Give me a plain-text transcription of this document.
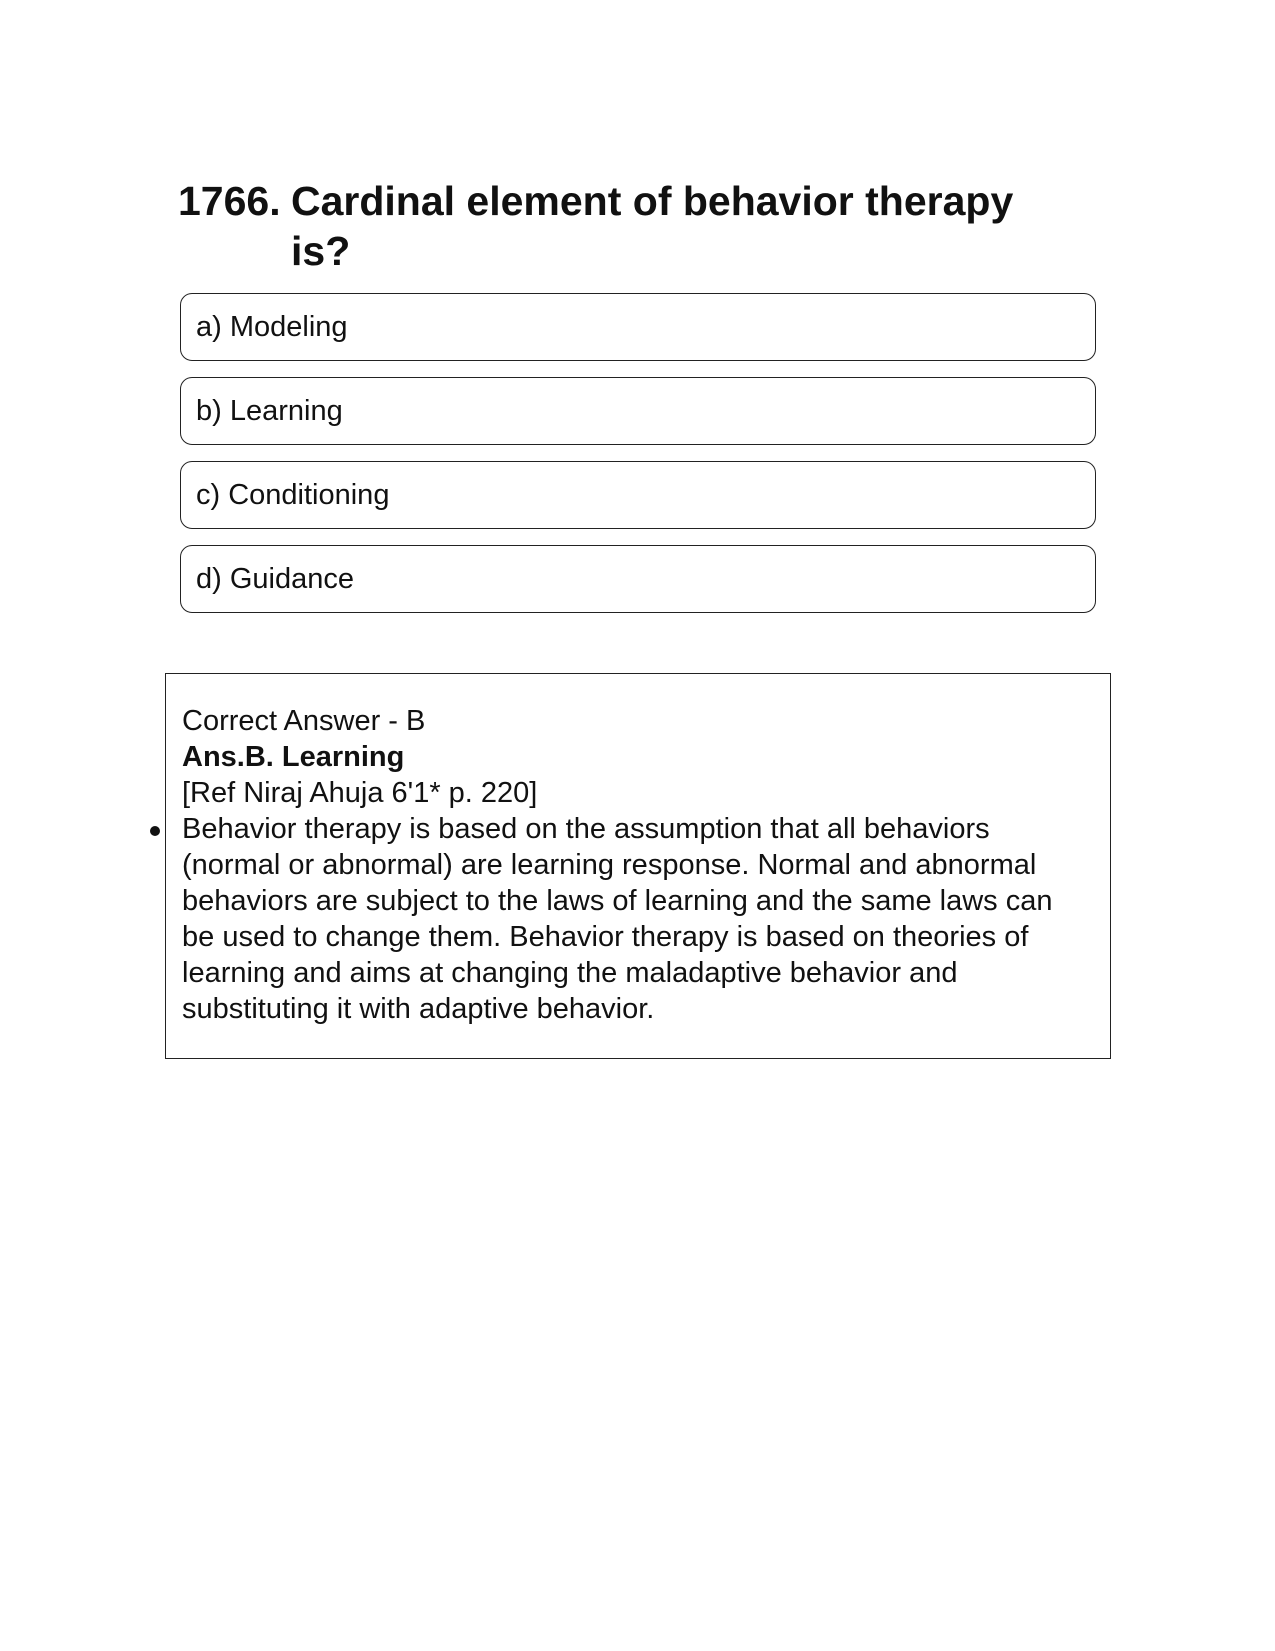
1766. Cardinal element of behavior therapy is?
a) Modeling
b) Learning
c) Conditioning
d) Guidance
Correct Answer - B
Ans.B. Learning
[Ref Niraj Ahuja 6'1* p. 220]
Behavior therapy is based on the assumption that all behaviors (normal or abnormal) are learning response. Normal and abnormal behaviors are subject to the laws of learning and the same laws can be used to change them. Behavior therapy is based on theories of learning and aims at changing the maladaptive behavior and substituting it with adaptive behavior.
